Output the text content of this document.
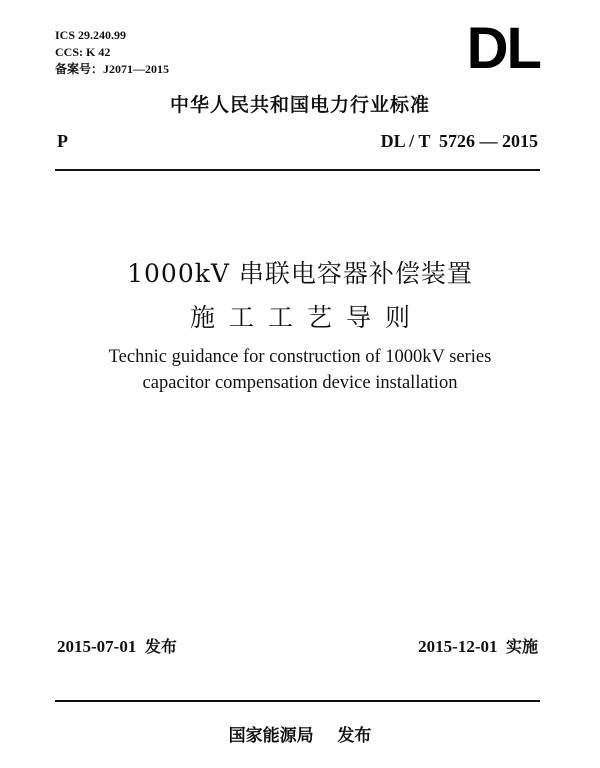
ICS 29.240.99
CCS: K 42
备案号：J2071—2015	DL
中华人民共和国电力行业标准
P	DL / T  5726 — 2015
1000kV 串联电容器补偿装置
施工工艺导则
Technic guidance for construction of 1000kV series
capacitor compensation device installation
2015-07-01 发布	2015-12-01 实施
国家能源局 发布
